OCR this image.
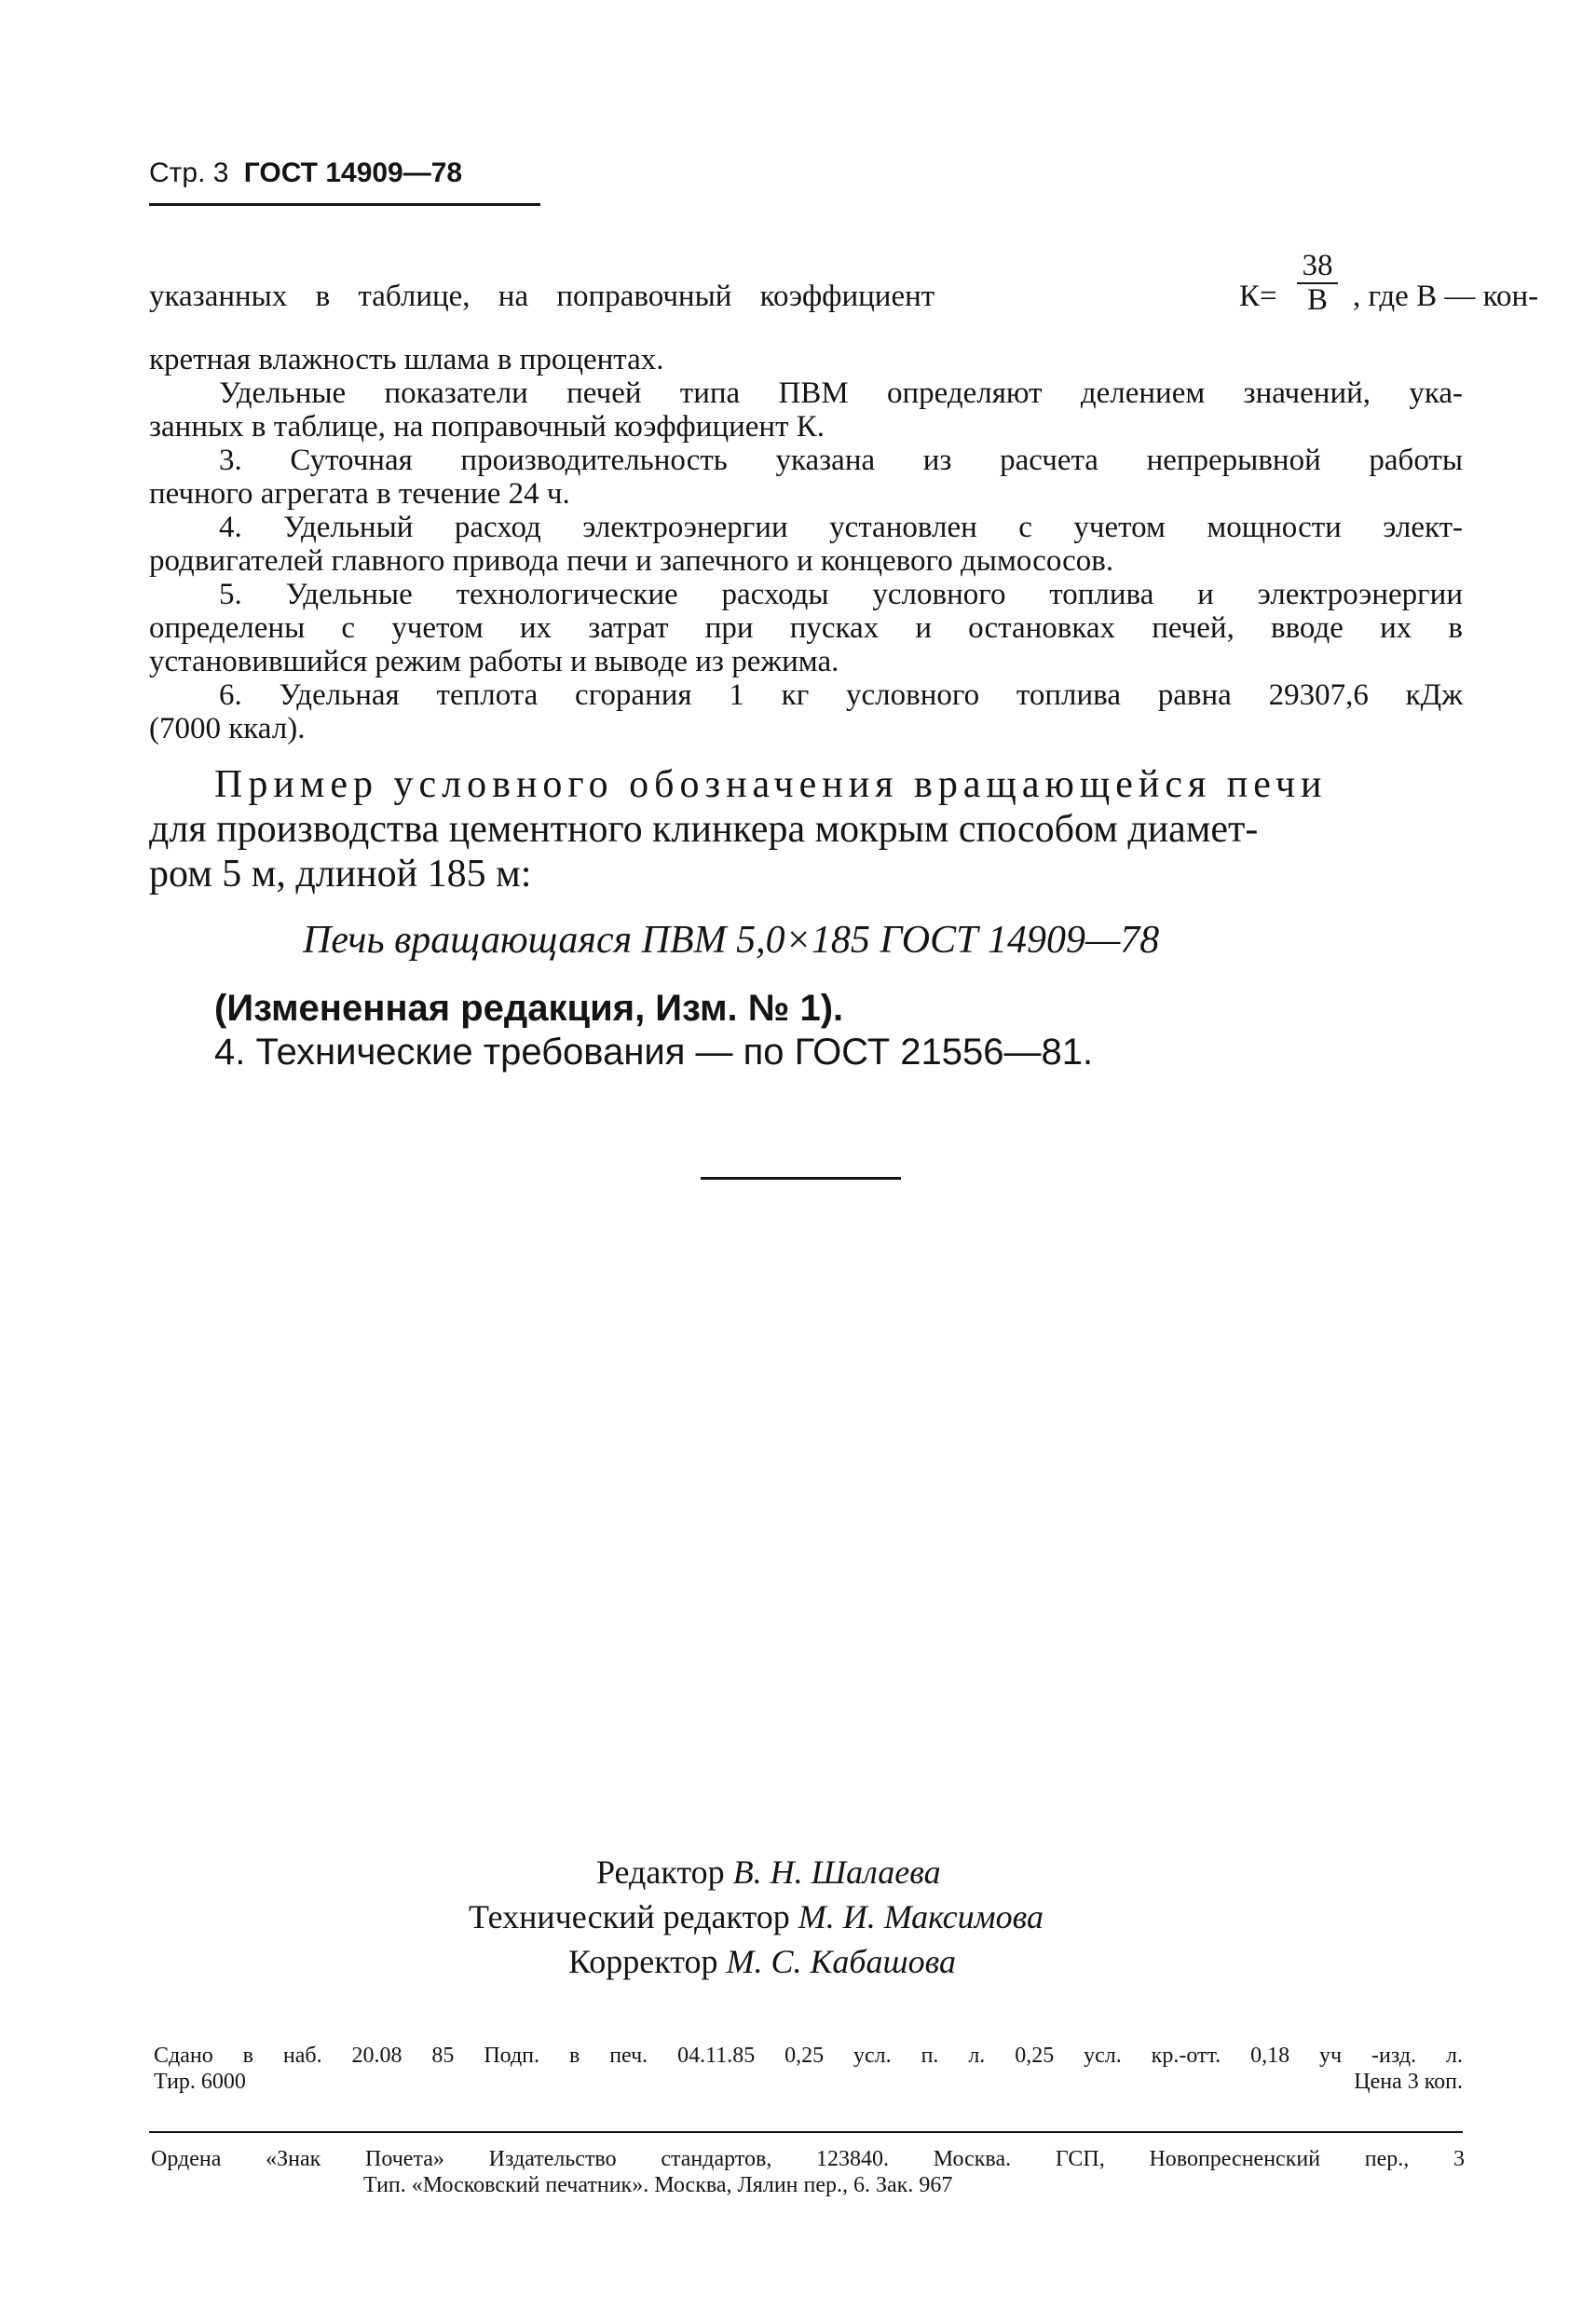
Стр. 3 ГОСТ 14909—78
указанных в таблице, на поправочный коэффициент	К=
38
В , где В — кон-
кретная влажность шлама в процентах.
Удельные показатели печей типа ПВМ определяют делением значений, ука-
занных в таблице, на поправочный коэффициент К.
3. Суточная производительность указана из расчета непрерывной работы
печного агрегата в течение 24 ч.
4. Удельный расход электроэнергии установлен с учетом мощности элект-
родвигателей главного привода печи и запечного и концевого дымососов.
5. Удельные технологические расходы условного топлива и электроэнергии
определены с учетом их затрат при пусках и остановках печей, вводе их в
установившийся режим работы и выводе из режима.
6. Удельная теплота сгорания 1 кг условного топлива равна 29307,6 кДж
(7000 ккал).
Пример условного обозначения вращающейся печи
для производства цементного клинкера мокрым способом диамет-
ром 5 м, длиной 185 м:
Печь вращающаяся ПВМ 5,0×185 ГОСТ 14909—78
(Измененная редакция, Изм. № 1).
4. Технические требования — по ГОСТ 21556—81.
Редактор В. Н. Шалаева
Технический редактор М. И. Максимова
Корректор М. С. Кабашова
Сдано в наб. 20.08 85 Подп. в печ. 04.11.85 0,25 усл. п. л. 0,25 усл. кр.-отт. 0,18 уч -изд. л.
Тир. 6000	Цена 3 коп.
Ордена «Знак Почета» Издательство стандартов, 123840. Москва. ГСП, Новопресненский пер., 3
Тип. «Московский печатник». Москва, Лялин пер., 6. Зак. 967
